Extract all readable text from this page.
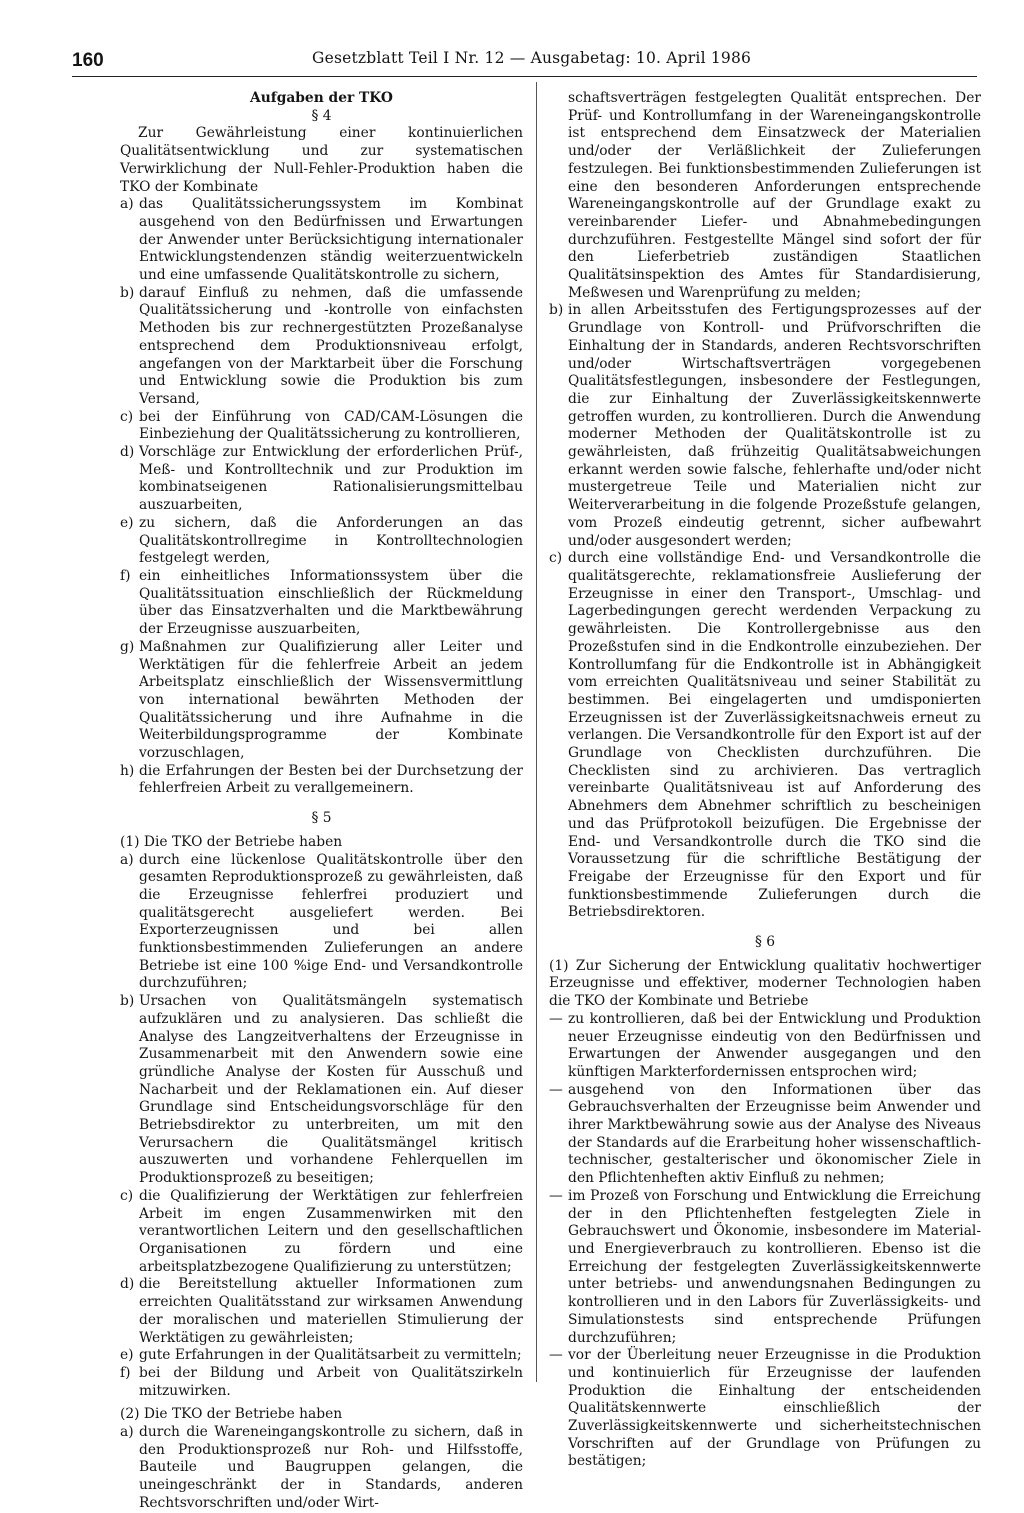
160	Gesetzblatt Teil I Nr. 12 — Ausgabetag: 10. April 1986

Aufgaben der TKO

§ 4

Zur Gewährleistung einer kontinuierlichen Qualitätsentwicklung und zur systematischen Verwirklichung der Null-Fehler-Produktion haben die TKO der Kombinate

a) das Qualitätssicherungssystem im Kombinat ausgehend von den Bedürfnissen und Erwartungen der Anwender unter Berücksichtigung internationaler Entwicklungstendenzen ständig weiterzuentwickeln und eine umfassende Qualitätskontrolle zu sichern,
b) darauf Einfluß zu nehmen, daß die umfassende Qualitätssicherung und -kontrolle von einfachsten Methoden bis zur rechnergestützten Prozeßanalyse entsprechend dem Produktionsniveau erfolgt, angefangen von der Marktarbeit über die Forschung und Entwicklung sowie die Produktion bis zum Versand,
c) bei der Einführung von CAD/CAM-Lösungen die Einbeziehung der Qualitätssicherung zu kontrollieren,
d) Vorschläge zur Entwicklung der erforderlichen Prüf-, Meß- und Kontrolltechnik und zur Produktion im kombinatseigenen Rationalisierungsmittelbau auszuarbeiten,
e) zu sichern, daß die Anforderungen an das Qualitätskontrollregime in Kontrolltechnologien festgelegt werden,
f) ein einheitliches Informationssystem über die Qualitätssituation einschließlich der Rückmeldung über das Einsatzverhalten und die Marktbewährung der Erzeugnisse auszuarbeiten,
g) Maßnahmen zur Qualifizierung aller Leiter und Werktätigen für die fehlerfreie Arbeit an jedem Arbeitsplatz einschließlich der Wissensvermittlung von international bewährten Methoden der Qualitätssicherung und ihre Aufnahme in die Weiterbildungsprogramme der Kombinate vorzuschlagen,
h) die Erfahrungen der Besten bei der Durchsetzung der fehlerfreien Arbeit zu verallgemeinern.

§ 5

(1) Die TKO der Betriebe haben

a) durch eine lückenlose Qualitätskontrolle über den gesamten Reproduktionsprozeß zu gewährleisten, daß die Erzeugnisse fehlerfrei produziert und qualitätsgerecht ausgeliefert werden. Bei Exporterzeugnissen und bei allen funktionsbestimmenden Zulieferungen an andere Betriebe ist eine 100 %ige End- und Versandkontrolle durchzuführen;
b) Ursachen von Qualitätsmängeln systematisch aufzuklären und zu analysieren. Das schließt die Analyse des Langzeitverhaltens der Erzeugnisse in Zusammenarbeit mit den Anwendern sowie eine gründliche Analyse der Kosten für Ausschuß und Nacharbeit und der Reklamationen ein. Auf dieser Grundlage sind Entscheidungsvorschläge für den Betriebsdirektor zu unterbreiten, um mit den Verursachern die Qualitätsmängel kritisch auszuwerten und vorhandene Fehlerquellen im Produktionsprozeß zu beseitigen;
c) die Qualifizierung der Werktätigen zur fehlerfreien Arbeit im engen Zusammenwirken mit den verantwortlichen Leitern und den gesellschaftlichen Organisationen zu fördern und eine arbeitsplatzbezogene Qualifizierung zu unterstützen;
d) die Bereitstellung aktueller Informationen zum erreichten Qualitätsstand zur wirksamen Anwendung der moralischen und materiellen Stimulierung der Werktätigen zu gewährleisten;
e) gute Erfahrungen in der Qualitätsarbeit zu vermitteln;
f) bei der Bildung und Arbeit von Qualitätszirkeln mitzuwirken.

(2) Die TKO der Betriebe haben

a) durch die Wareneingangskontrolle zu sichern, daß in den Produktionsprozeß nur Roh- und Hilfsstoffe, Bauteile und Baugruppen gelangen, die uneingeschränkt der in Standards, anderen Rechtsvorschriften und/oder Wirt-

schaftsverträgen festgelegten Qualität entsprechen. Der Prüf- und Kontrollumfang in der Wareneingangskontrolle ist entsprechend dem Einsatzweck der Materialien und/oder der Verläßlichkeit der Zulieferungen festzulegen. Bei funktionsbestimmenden Zulieferungen ist eine den besonderen Anforderungen entsprechende Wareneingangskontrolle auf der Grundlage exakt zu vereinbarender Liefer- und Abnahmebedingungen durchzuführen. Festgestellte Mängel sind sofort der für den Lieferbetrieb zuständigen Staatlichen Qualitätsinspektion des Amtes für Standardisierung, Meßwesen und Warenprüfung zu melden;

b) in allen Arbeitsstufen des Fertigungsprozesses auf der Grundlage von Kontroll- und Prüfvorschriften die Einhaltung der in Standards, anderen Rechtsvorschriften und/oder Wirtschaftsverträgen vorgegebenen Qualitätsfestlegungen, insbesondere der Festlegungen, die zur Einhaltung der Zuverlässigkeitskennwerte getroffen wurden, zu kontrollieren. Durch die Anwendung moderner Methoden der Qualitätskontrolle ist zu gewährleisten, daß frühzeitig Qualitätsabweichungen erkannt werden sowie falsche, fehlerhafte und/oder nicht mustergetreue Teile und Materialien nicht zur Weiterverarbeitung in die folgende Prozeßstufe gelangen, vom Prozeß eindeutig getrennt, sicher aufbewahrt und/oder ausgesondert werden;
c) durch eine vollständige End- und Versandkontrolle die qualitätsgerechte, reklamationsfreie Auslieferung der Erzeugnisse in einer den Transport-, Umschlag- und Lagerbedingungen gerecht werdenden Verpackung zu gewährleisten. Die Kontrollergebnisse aus den Prozeßstufen sind in die Endkontrolle einzubeziehen. Der Kontrollumfang für die Endkontrolle ist in Abhängigkeit vom erreichten Qualitätsniveau und seiner Stabilität zu bestimmen. Bei eingelagerten und umdisponierten Erzeugnissen ist der Zuverlässigkeitsnachweis erneut zu verlangen. Die Versandkontrolle für den Export ist auf der Grundlage von Checklisten durchzuführen. Die Checklisten sind zu archivieren. Das vertraglich vereinbarte Qualitätsniveau ist auf Anforderung des Abnehmers dem Abnehmer schriftlich zu bescheinigen und das Prüfprotokoll beizufügen. Die Ergebnisse der End- und Versandkontrolle durch die TKO sind die Voraussetzung für die schriftliche Bestätigung der Freigabe der Erzeugnisse für den Export und für funktionsbestimmende Zulieferungen durch die Betriebsdirektoren.

§ 6

(1) Zur Sicherung der Entwicklung qualitativ hochwertiger Erzeugnisse und effektiver, moderner Technologien haben die TKO der Kombinate und Betriebe

— zu kontrollieren, daß bei der Entwicklung und Produktion neuer Erzeugnisse eindeutig von den Bedürfnissen und Erwartungen der Anwender ausgegangen und den künftigen Markterfordernissen entsprochen wird;
— ausgehend von den Informationen über das Gebrauchsverhalten der Erzeugnisse beim Anwender und ihrer Marktbewährung sowie aus der Analyse des Niveaus der Standards auf die Erarbeitung hoher wissenschaftlich-technischer, gestalterischer und ökonomischer Ziele in den Pflichtenheften aktiv Einfluß zu nehmen;
— im Prozeß von Forschung und Entwicklung die Erreichung der in den Pflichtenheften festgelegten Ziele in Gebrauchswert und Ökonomie, insbesondere im Material- und Energieverbrauch zu kontrollieren. Ebenso ist die Erreichung der festgelegten Zuverlässigkeitskennwerte unter betriebs- und anwendungsnahen Bedingungen zu kontrollieren und in den Labors für Zuverlässigkeits- und Simulationstests sind entsprechende Prüfungen durchzuführen;
— vor der Überleitung neuer Erzeugnisse in die Produktion und kontinuierlich für Erzeugnisse der laufenden Produktion die Einhaltung der entscheidenden Qualitätskennwerte einschließlich der Zuverlässigkeitskennwerte und sicherheitstechnischen Vorschriften auf der Grundlage von Prüfungen zu bestätigen;
